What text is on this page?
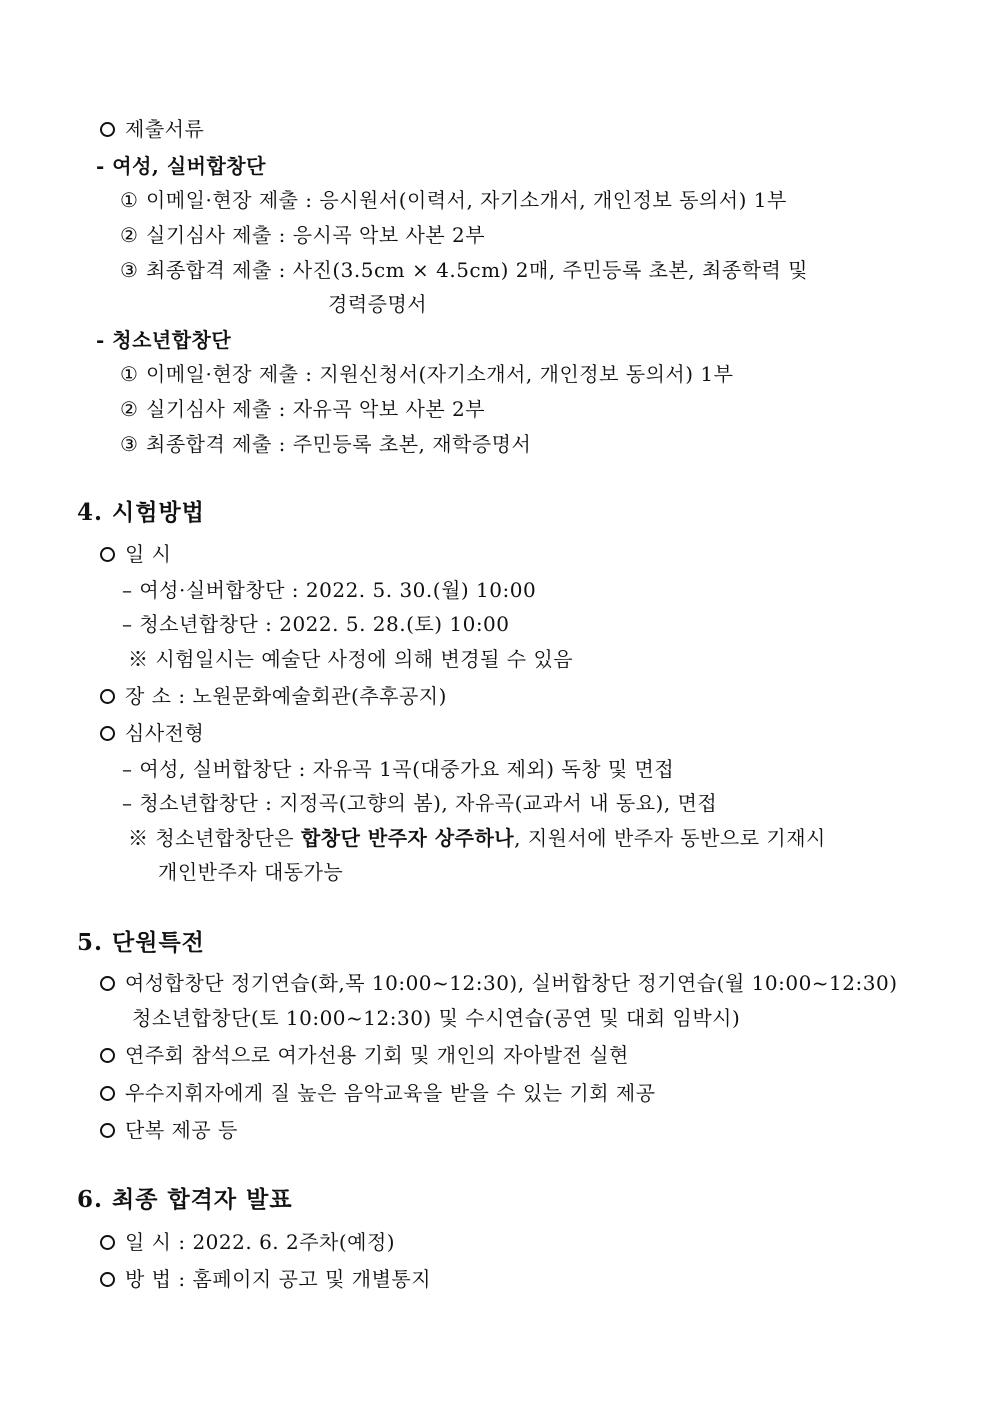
제출서류
- 여성, 실버합창단
① 이메일·현장 제출 : 응시원서(이력서, 자기소개서, 개인정보 동의서) 1부
② 실기심사 제출 : 응시곡 악보 사본 2부
③ 최종합격 제출 : 사진(3.5cm × 4.5cm) 2매, 주민등록 초본, 최종학력 및
경력증명서
- 청소년합창단
① 이메일·현장 제출 : 지원신청서(자기소개서, 개인정보 동의서) 1부
② 실기심사 제출 : 자유곡 악보 사본 2부
③ 최종합격 제출 : 주민등록 초본, 재학증명서
4. 시험방법
일 시
– 여성·실버합창단 : 2022. 5. 30.(월) 10:00
– 청소년합창단 : 2022. 5. 28.(토) 10:00
※ 시험일시는 예술단 사정에 의해 변경될 수 있음
장 소 : 노원문화예술회관(추후공지)
심사전형
– 여성, 실버합창단 : 자유곡 1곡(대중가요 제외) 독창 및 면접
– 청소년합창단 : 지정곡(고향의 봄), 자유곡(교과서 내 동요), 면접
※ 청소년합창단은 합창단 반주자 상주하나, 지원서에 반주자 동반으로 기재시
개인반주자 대동가능
5. 단원특전
여성합창단 정기연습(화,목 10:00~12:30), 실버합창단 정기연습(월 10:00~12:30)
청소년합창단(토 10:00~12:30) 및 수시연습(공연 및 대회 임박시)
연주회 참석으로 여가선용 기회 및 개인의 자아발전 실현
우수지휘자에게 질 높은 음악교육을 받을 수 있는 기회 제공
단복 제공 등
6. 최종 합격자 발표
일 시 : 2022. 6. 2주차(예정)
방 법 : 홈페이지 공고 및 개별통지
